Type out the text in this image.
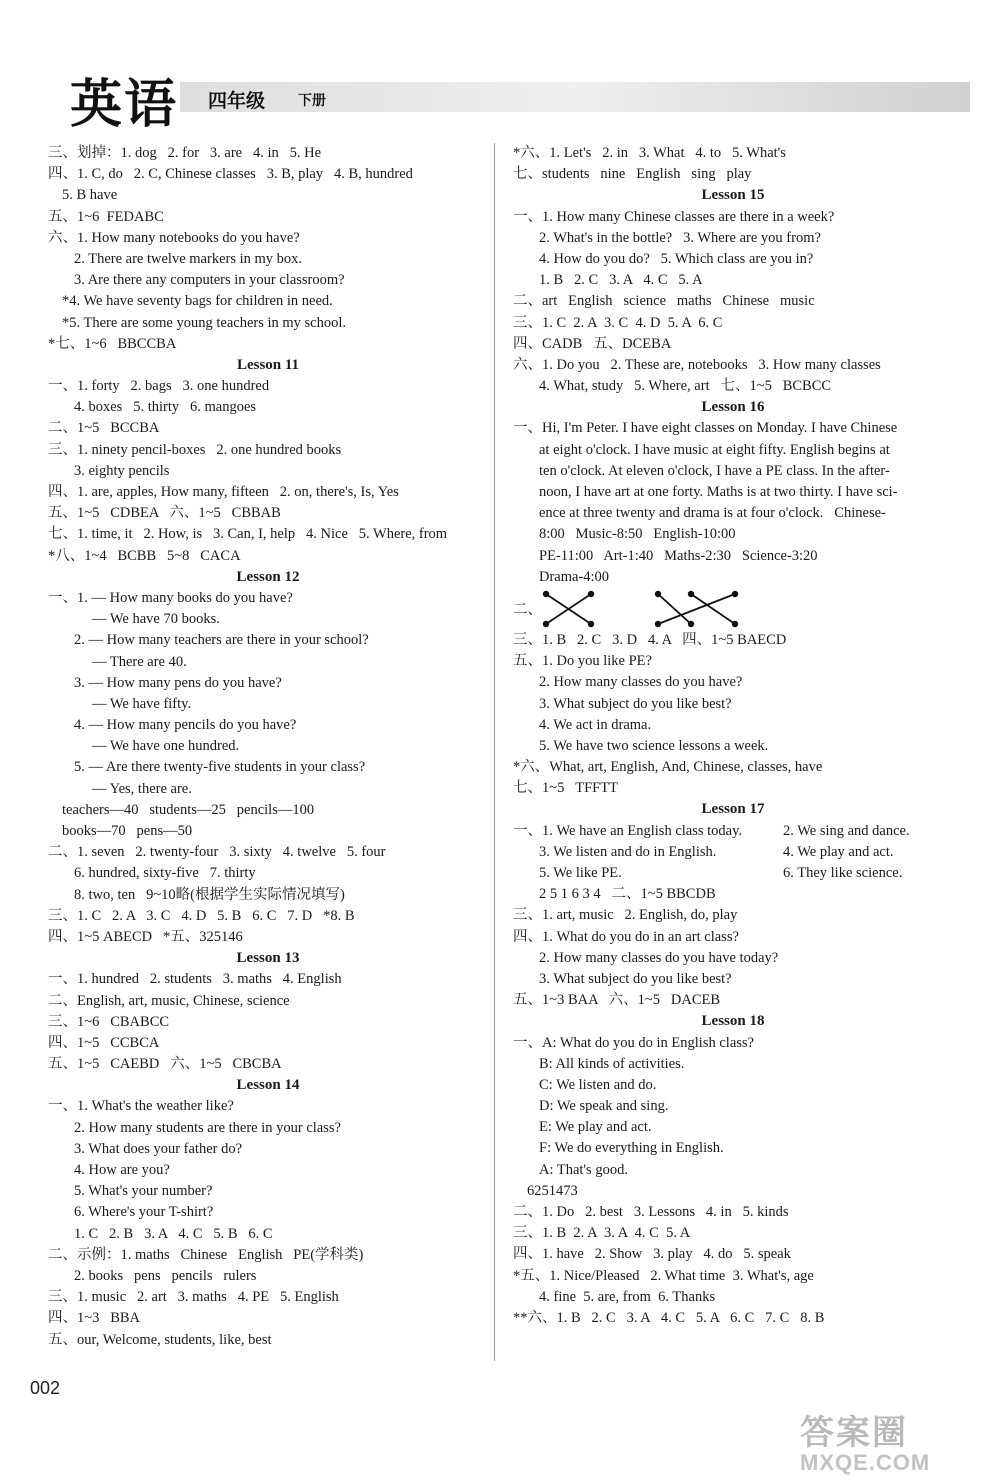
英语 四年级 下册
三、划掉：1. dog   2. for   3. are   4. in   5. He
四、1. C, do   2. C, Chinese classes   3. B, play   4. B, hundred
5. B have
五、1~6  FEDABC
六、1. How many notebooks do you have?
2. There are twelve markers in my box.
3. Are there any computers in your classroom?
*4. We have seventy bags for children in need.
*5. There are some young teachers in my school.
*七、1~6   BBCCBA
Lesson 11
一、1. forty   2. bags   3. one hundred
4. boxes   5. thirty   6. mangoes
二、1~5   BCCBA
三、1. ninety pencil-boxes   2. one hundred books
3. eighty pencils
四、1. are, apples, How many, fifteen   2. on, there's, Is, Yes
五、1~5   CDBEA   六、1~5   CBBAB
七、1. time, it   2. How, is   3. Can, I, help   4. Nice   5. Where, from
*八、1~4   BCBB   5~8   CACA
Lesson 12
一、1. — How many books do you have?
— We have 70 books.
2. — How many teachers are there in your school?
— There are 40.
3. — How many pens do you have?
— We have fifty.
4. — How many pencils do you have?
— We have one hundred.
5. — Are there twenty-five students in your class?
— Yes, there are.
teachers—40   students—25   pencils—100
books—70   pens—50
二、1. seven   2. twenty-four   3. sixty   4. twelve   5. four
6. hundred, sixty-five   7. thirty
8. two, ten   9~10略(根据学生实际情况填写)
三、1. C   2. A   3. C   4. D   5. B   6. C   7. D   *8. B
四、1~5 ABECD   *五、325146
Lesson 13
一、1. hundred   2. students   3. maths   4. English
二、English, art, music, Chinese, science
三、1~6   CBABCC
四、1~5   CCBCA
五、1~5   CAEBD   六、1~5   CBCBA
Lesson 14
一、1. What's the weather like?
2. How many students are there in your class?
3. What does your father do?
4. How are you?
5. What's your number?
6. Where's your T-shirt?
1. C   2. B   3. A   4. C   5. B   6. C
二、示例：1. maths   Chinese   English   PE(学科类)
2. books   pens   pencils   rulers
三、1. music   2. art   3. maths   4. PE   5. English
四、1~3   BBA
五、our, Welcome, students, like, best
*六、1. Let's   2. in   3. What   4. to   5. What's
七、students   nine   English   sing   play
Lesson 15
一、1. How many Chinese classes are there in a week?
2. What's in the bottle?   3. Where are you from?
4. How do you do?   5. Which class are you in?
1. B   2. C   3. A   4. C   5. A
二、art   English   science   maths   Chinese   music
三、1. C  2. A  3. C  4. D  5. A  6. C
四、CADB   五、DCEBA
六、1. Do you   2. These are, notebooks   3. How many classes
4. What, study   5. Where, art   七、1~5   BCBCC
Lesson 16
一、Hi, I'm Peter. I have eight classes on Monday. I have Chinese
at eight o'clock. I have music at eight fifty. English begins at
ten o'clock. At eleven o'clock, I have a PE class. In the after-
noon, I have art at one forty. Maths is at two thirty. I have sci-
ence at three twenty and drama is at four o'clock.   Chinese-
8:00   Music-8:50   English-10:00
PE-11:00   Art-1:40   Maths-2:30   Science-3:20
Drama-4:00
二、
三、1. B   2. C   3. D   4. A   四、1~5 BAECD
五、1. Do you like PE?
2. How many classes do you have?
3. What subject do you like best?
4. We act in drama.
5. We have two science lessons a week.
*六、What, art, English, And, Chinese, classes, have
七、1~5   TFFTT
Lesson 17
一、1. We have an English class today.	2. We sing and dance.
3. We listen and do in English.	4. We play and act.
5. We like PE.	6. They like science.
2 5 1 6 3 4   二、1~5 BBCDB
三、1. art, music   2. English, do, play
四、1. What do you do in an art class?
2. How many classes do you have today?
3. What subject do you like best?
五、1~3 BAA   六、1~5   DACEB
Lesson 18
一、A: What do you do in English class?
B: All kinds of activities.
C: We listen and do.
D: We speak and sing.
E: We play and act.
F: We do everything in English.
A: That's good.
6251473
二、1. Do   2. best   3. Lessons   4. in   5. kinds
三、1. B  2. A  3. A  4. C  5. A
四、1. have   2. Show   3. play   4. do   5. speak
*五、1. Nice/Pleased   2. What time  3. What's, age
4. fine  5. are, from  6. Thanks
**六、1. B   2. C   3. A   4. C   5. A   6. C   7. C   8. B
002
答案圈
MXQE.COM
